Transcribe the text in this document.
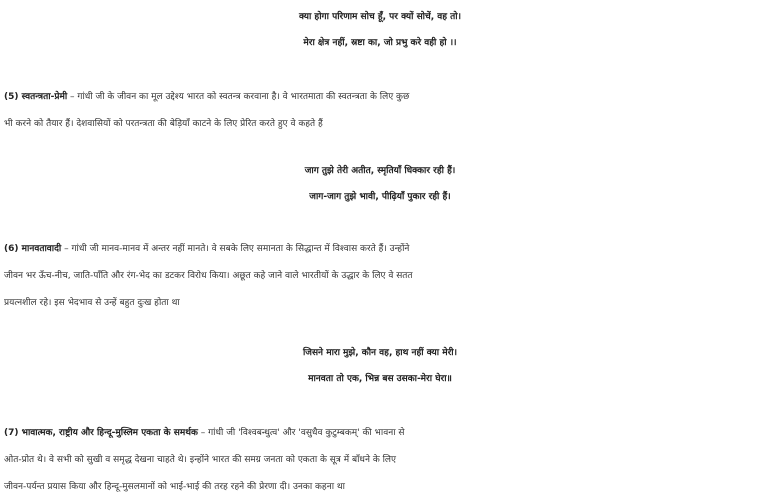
क्या होगा परिणाम सोच हूँ, पर क्यों सोचें, वह तो।
मेरा क्षेत्र नहीं, स्रष्टा का, जो प्रभु करे वही हो ।।
(5) स्वतन्त्रता-प्रेमी – गांधी जी के जीवन का मूल उद्देश्य भारत को स्वतन्त्र करवाना है। वे भारतमाता की स्वतन्त्रता के लिए कुछ
भी करने को तैयार हैं। देशवासियों को परतन्त्रता की बेड़ियाँ काटने के लिए प्रेरित करते हुए वे कहते हैं
जाग तुझे तेरी अतीत, स्मृतियाँ धिक्कार रही हैं।
जाग-जाग तुझे भावी, पीढ़ियाँ पुकार रही हैं।
(6) मानवतावादी – गांधी जी मानव-मानव में अन्तर नहीं मानते। वे सबके लिए समानता के सिद्धान्त में विश्वास करते हैं। उन्होंने
जीवन भर ऊँच-नीच, जाति-पाँति और रंग-भेद का डटकर विरोध किया। अछूत कहे जाने वाले भारतीयों के उद्धार के लिए वे सतत
प्रयत्नशील रहे। इस भेदभाव से उन्हें बहुत दुःख होता था
जिसने मारा मुझे, कौन वह, हाथ नहीं क्या मेरी।
मानवता तो एक, भिन्न बस उसका-मेरा घेरा॥
(7) भावात्मक, राष्ट्रीय और हिन्दू-मुस्लिम एकता के समर्थक – गांधी जी 'विश्वबन्धुत्व' और 'वसुधैव कुटुम्बकम्' की भावना से
ओत-प्रोत थे। वे सभी को सुखी व समृद्ध देखना चाहते थे। इन्होंने भारत की समग्र जनता को एकता के सूत्र में बाँधने के लिए
जीवन-पर्यन्त प्रयास किया और हिन्दू-मुसलमानों को भाई-भाई की तरह रहने की प्रेरणा दी। उनका कहना था
